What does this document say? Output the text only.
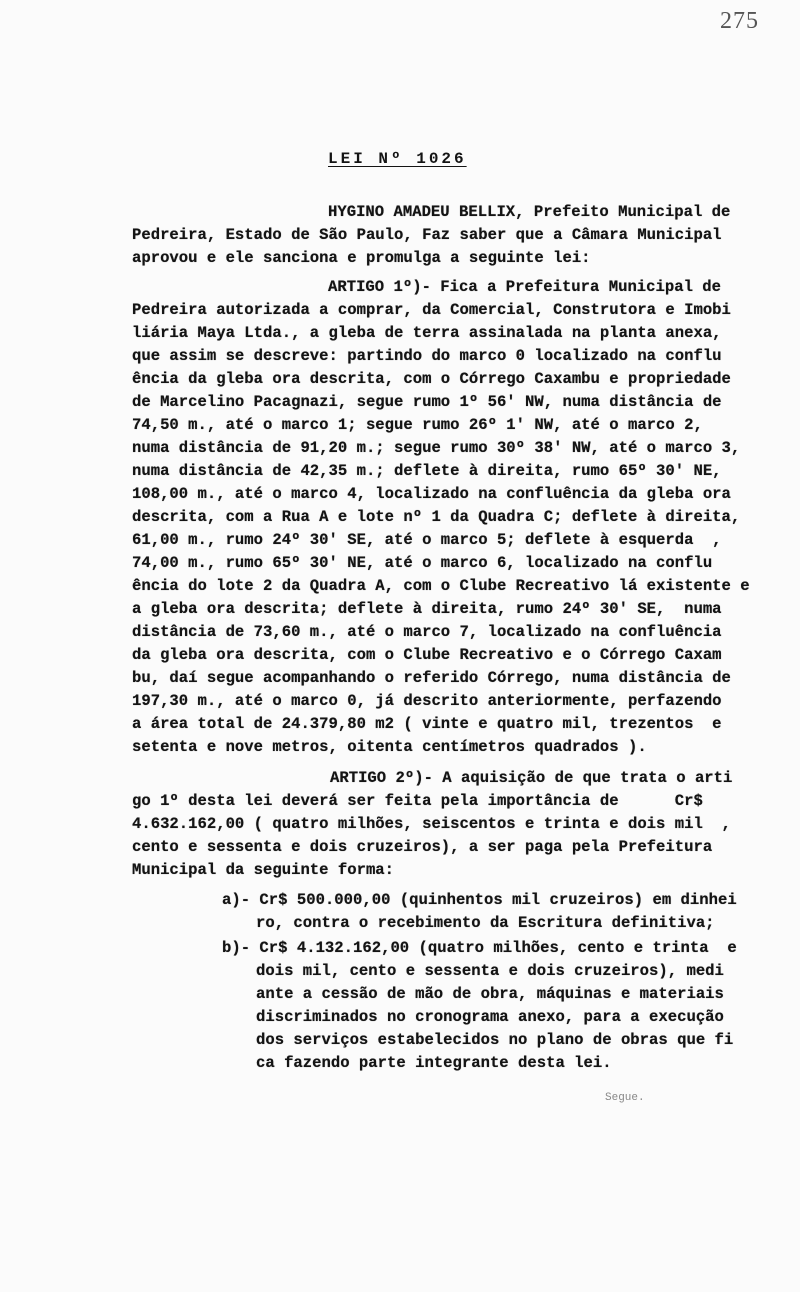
275
LEI Nº 1026
HYGINO AMADEU BELLIX, Prefeito Municipal de
Pedreira, Estado de São Paulo, Faz saber que a Câmara Municipal
aprovou e ele sanciona e promulga a seguinte lei:
ARTIGO 1º)- Fica a Prefeitura Municipal de
Pedreira autorizada a comprar, da Comercial, Construtora e Imobi
liária Maya Ltda., a gleba de terra assinalada na planta anexa,
que assim se descreve: partindo do marco 0 localizado na conflu
ência da gleba ora descrita, com o Córrego Caxambu e propriedade
de Marcelino Pacagnazi, segue rumo 1º 56' NW, numa distância de
74,50 m., até o marco 1; segue rumo 26º 1' NW, até o marco 2,
numa distância de 91,20 m.; segue rumo 30º 38' NW, até o marco 3,
numa distância de 42,35 m.; deflete à direita, rumo 65º 30' NE,
108,00 m., até o marco 4, localizado na confluência da gleba ora
descrita, com a Rua A e lote nº 1 da Quadra C; deflete à direita,
61,00 m., rumo 24º 30' SE, até o marco 5; deflete à esquerda  ,
74,00 m., rumo 65º 30' NE, até o marco 6, localizado na conflu
ência do lote 2 da Quadra A, com o Clube Recreativo lá existente e
a gleba ora descrita; deflete à direita, rumo 24º 30' SE,  numa
distância de 73,60 m., até o marco 7, localizado na confluência
da gleba ora descrita, com o Clube Recreativo e o Córrego Caxam
bu, daí segue acompanhando o referido Córrego, numa distância de
197,30 m., até o marco 0, já descrito anteriormente, perfazendo
a área total de 24.379,80 m2 ( vinte e quatro mil, trezentos  e
setenta e nove metros, oitenta centímetros quadrados ).
ARTIGO 2º)- A aquisição de que trata o arti
go 1º desta lei deverá ser feita pela importância de      Cr$
4.632.162,00 ( quatro milhões, seiscentos e trinta e dois mil  ,
cento e sessenta e dois cruzeiros), a ser paga pela Prefeitura
Municipal da seguinte forma:
a)- Cr$ 500.000,00 (quinhentos mil cruzeiros) em dinhei
ro, contra o recebimento da Escritura definitiva;
b)- Cr$ 4.132.162,00 (quatro milhões, cento e trinta  e
dois mil, cento e sessenta e dois cruzeiros), medi
ante a cessão de mão de obra, máquinas e materiais
discriminados no cronograma anexo, para a execução
dos serviços estabelecidos no plano de obras que fi
ca fazendo parte integrante desta lei.
Segue.
